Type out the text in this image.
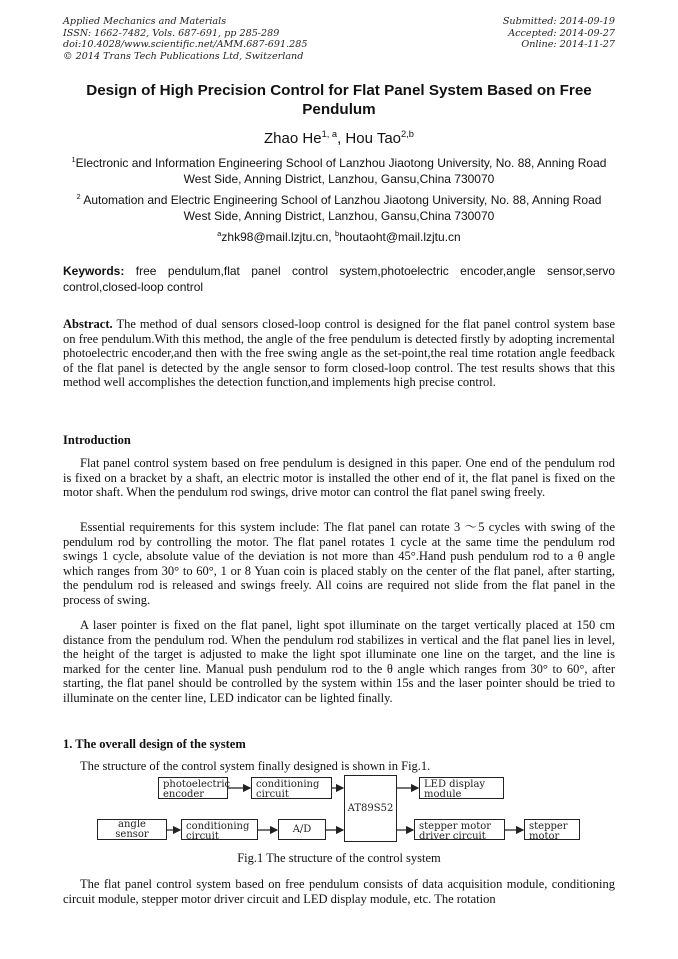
Applied Mechanics and Materials
ISSN: 1662-7482, Vols. 687-691, pp 285-289
doi:10.4028/www.scientific.net/AMM.687-691.285
© 2014 Trans Tech Publications Ltd, Switzerland
Submitted: 2014-09-19
Accepted: 2014-09-27
Online: 2014-11-27
Design of High Precision Control for Flat Panel System Based on Free Pendulum
Zhao He$^{1, a}$, Hou Tao$^{2,b}$
$^1$Electronic and Information Engineering School of Lanzhou Jiaotong University, No. 88, Anning Road West Side, Anning District, Lanzhou, Gansu,China 730070
$^2$ Automation and Electric Engineering School of Lanzhou Jiaotong University, No. 88, Anning Road West Side, Anning District, Lanzhou, Gansu,China 730070
$^a$zhk98@mail.lzjtu.cn, $^b$houtaoht@mail.lzjtu.cn
Keywords: free pendulum,flat panel control system,photoelectric encoder,angle sensor,servo control,closed-loop control

Abstract. The method of dual sensors closed-loop control is designed for the flat panel control system base on free pendulum.With this method, the angle of the free pendulum is detected firstly by adopting incremental photoelectric encoder,and then with the free swing angle as the set-point,the real time rotation angle feedback of the flat panel is detected by the angle sensor to form closed-loop control. The test results shows that this method well accomplishes the detection function,and implements high precise control.

Introduction

Flat panel control system based on free pendulum is designed in this paper. One end of the pendulum rod is fixed on a bracket by a shaft, an electric motor is installed the other end of it, the flat panel is fixed on the motor shaft. When the pendulum rod swings, drive motor can control the flat panel swing freely.

Essential requirements for this system include: The flat panel can rotate 3 ～5 cycles with swing of the pendulum rod by controlling the motor. The flat panel rotates 1 cycle at the same time the pendulum rod swings 1 cycle, absolute value of the deviation is not more than 45°.Hand push pendulum rod to a θ angle which ranges from 30° to 60°, 1 or 8 Yuan coin is placed stably on the center of the flat panel, after starting, the pendulum rod is released and swings freely. All coins are required not slide from the flat panel in the process of swing.

A laser pointer is fixed on the flat panel, light spot illuminate on the target vertically placed at 150 cm distance from the pendulum rod. When the pendulum rod stabilizes in vertical and the flat panel lies in level, the height of the target is adjusted to make the light spot illuminate one line on the target, and the line is marked for the center line. Manual push pendulum rod to the θ angle which ranges from 30° to 60°, after starting, the flat panel should be controlled by the system within 15s and the laser pointer should be tried to illuminate on the center line, LED indicator can be lighted finally.

1. The overall design of the system

The structure of the control system finally designed is shown in Fig.1.

photoelectric
encoder
conditioning
circuit
AT89S52
LED display
module
angle sensor
conditioning
circuit
A/D	stepper motor
driver circuit
stepper
motor
Fig.1 The structure of the control system

The flat panel control system based on free pendulum consists of data acquisition module, conditioning circuit module, stepper motor driver circuit and LED display module, etc. The rotation
